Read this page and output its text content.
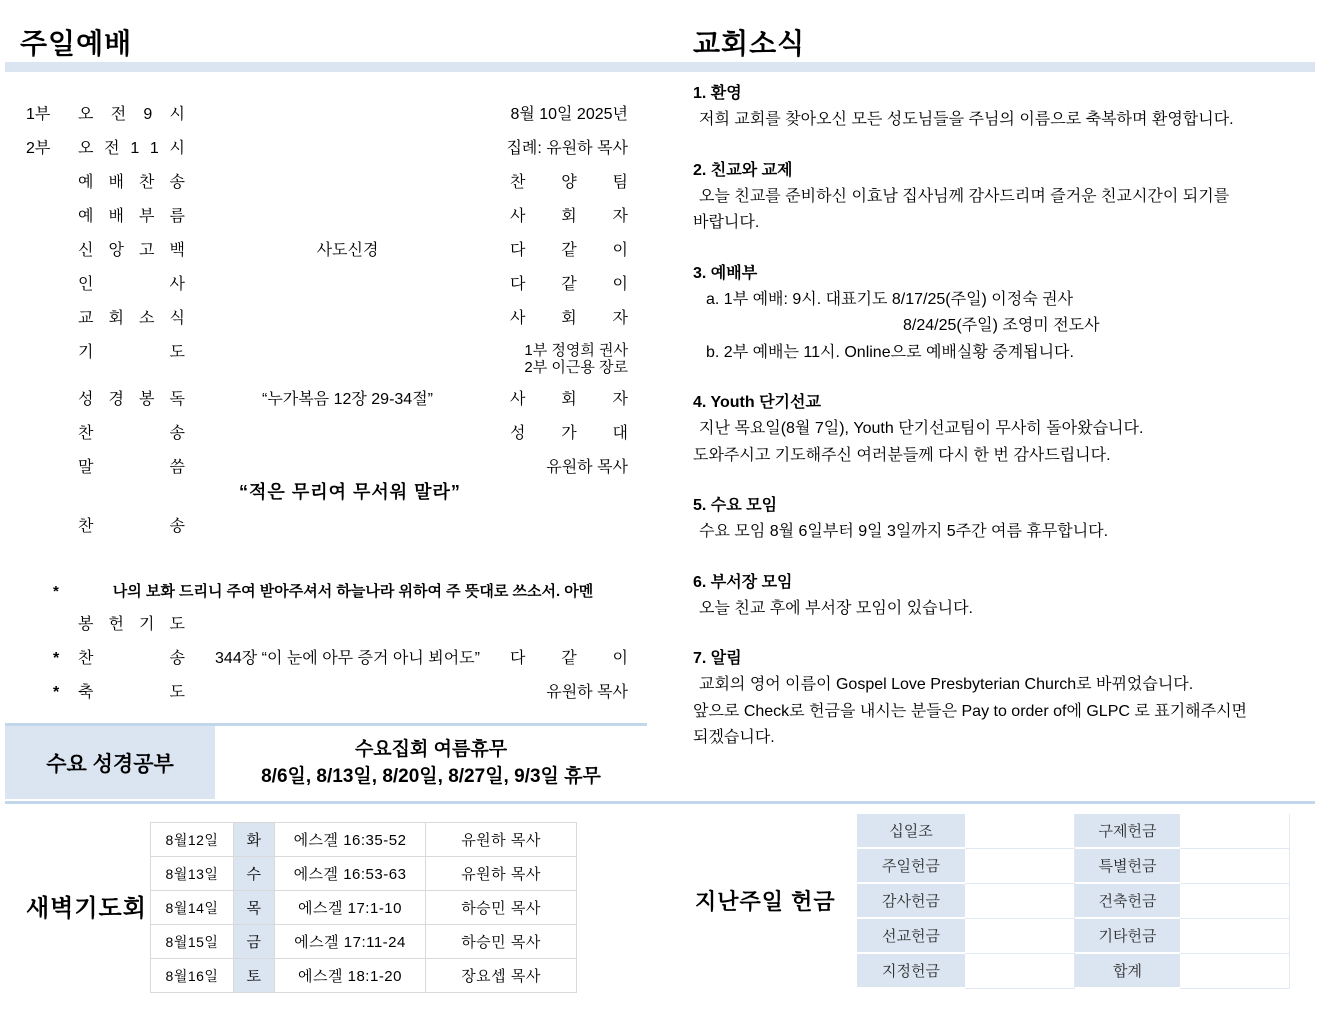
주일예배
1부	오 전 9 시	8월 10일 2025년
2부	오 전 1 1 시	집례: 유원하 목사
예 배 찬 송	찬 양 팀
예 배 부 름	사 회 자
신 앙 고 백	사도신경	다 같 이
인 사	다 같 이
교 회 소 식	사 회 자
기 도	1부 정영희 권사
2부 이근용 장로
성 경 봉 독	“누가복음 12장 29-34절”	사 회 자
찬 송	성 가 대
말 씀	유원하 목사
“적은 무리여 무서워 말라”
찬 송
*	나의 보화 드리니 주여 받아주셔서 하늘나라 위하여 주 뜻대로 쓰소서. 아멘
봉 헌 기 도
*	찬 송	344장 “이 눈에 아무 증거 아니 뵈어도”	다 같 이
*	축 도	유원하 목사
수요 성경공부
수요집회 여름휴무
8/6일, 8/13일, 8/20일, 8/27일, 9/3일 휴무
새벽기도회
8월12일	화	에스겔 16:35-52	유원하 목사
8월13일	수	에스겔 16:53-63	유원하 목사
8월14일	목	에스겔 17:1-10	하승민 목사
8월15일	금	에스겔 17:11-24	하승민 목사
8월16일	토	에스겔 18:1-20	장요셉 목사
교회소식
1. 환영
저희 교회를 찾아오신 모든 성도님들을 주님의 이름으로 축복하며 환영합니다.
2. 친교와 교제
오늘 친교를 준비하신 이효남 집사님께 감사드리며 즐거운 친교시간이 되기를
바랍니다.
3. 예배부
a. 1부 예배: 9시. 대표기도 8/17/25(주일) 이정숙 권사
8/24/25(주일) 조영미 전도사
b. 2부 예배는 11시. Online으로 예배실황 중계됩니다.
4. Youth 단기선교
지난 목요일(8월 7일), Youth 단기선교팀이 무사히 돌아왔습니다.
도와주시고 기도해주신 여러분들께 다시 한 번 감사드립니다.
5. 수요 모임
수요 모임 8월 6일부터 9일 3일까지 5주간 여름 휴무합니다.
6. 부서장 모임
오늘 친교 후에 부서장 모임이 있습니다.
7. 알림
교회의 영어 이름이 Gospel Love Presbyterian Church로 바뀌었습니다.
앞으로 Check로 헌금을 내시는 분들은 Pay to order of에 GLPC 로 표기해주시면
되겠습니다.
지난주일 헌금
십일조		구제헌금	
주일헌금		특별헌금	
감사헌금		건축헌금	
선교헌금		기타헌금	
지정헌금		합계	
